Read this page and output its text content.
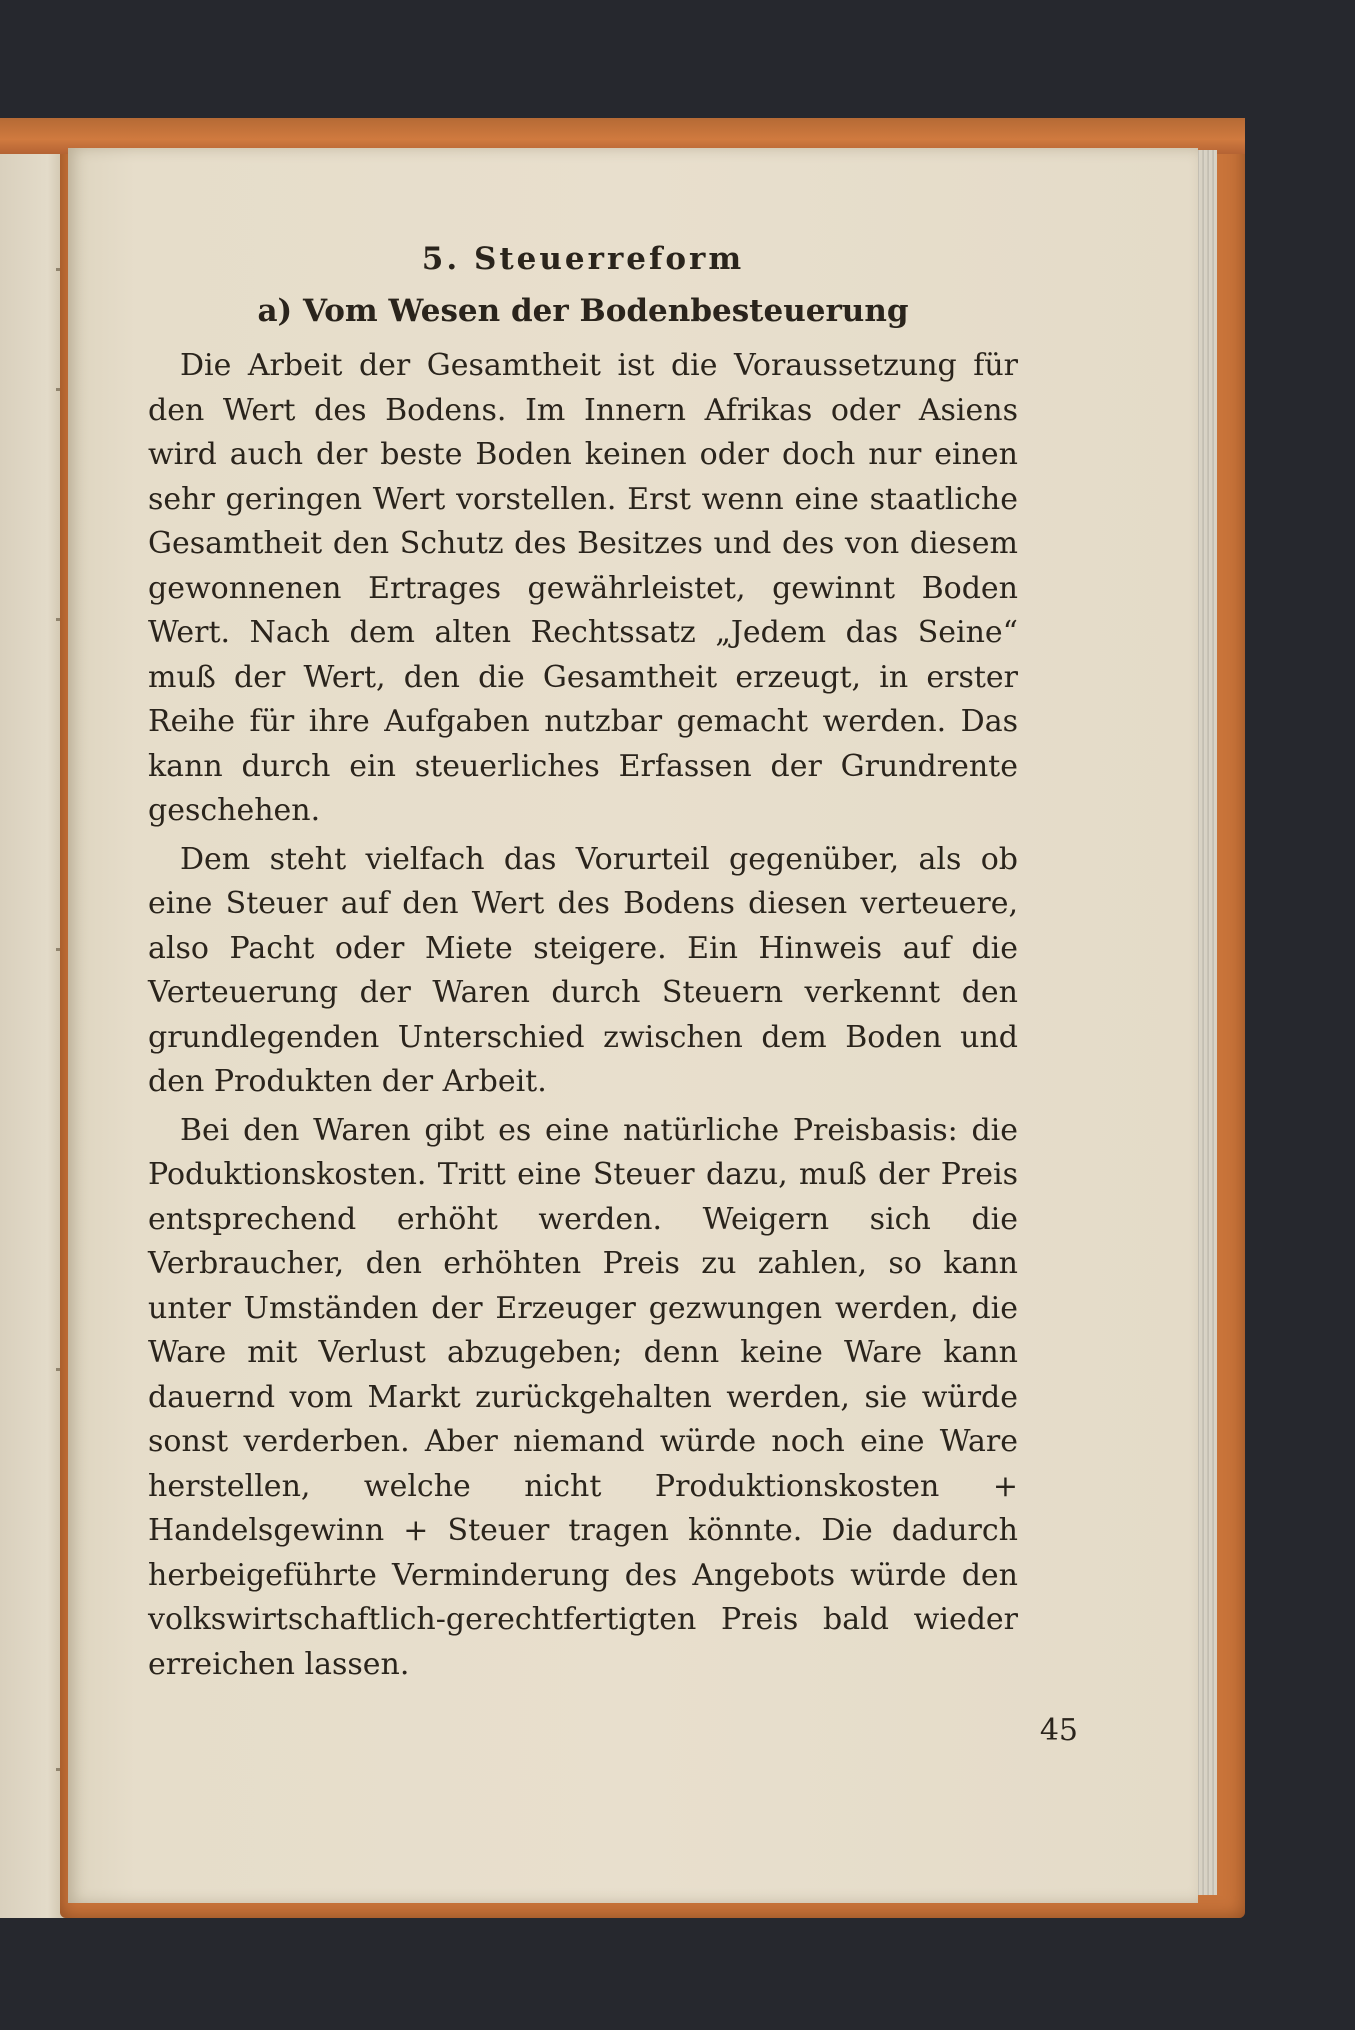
5. Steuerreform
a) Vom Wesen der Bodenbesteuerung

Die Arbeit der Gesamtheit ist die Voraussetzung für den Wert des Bodens. Im Innern Afrikas oder Asiens wird auch der beste Boden keinen oder doch nur einen sehr geringen Wert vorstellen. Erst wenn eine staatliche Gesamtheit den Schutz des Besitzes und des von diesem gewonnenen Ertrages gewährleistet, gewinnt Boden Wert. Nach dem alten Rechtssatz „Jedem das Seine“ muß der Wert, den die Gesamtheit erzeugt, in erster Reihe für ihre Aufgaben nutzbar gemacht werden. Das kann durch ein steuerliches Erfassen der Grundrente geschehen.

Dem steht vielfach das Vorurteil gegenüber, als ob eine Steuer auf den Wert des Bodens diesen verteuere, also Pacht oder Miete steigere. Ein Hinweis auf die Verteuerung der Waren durch Steuern verkennt den grundlegenden Unterschied zwischen dem Boden und den Produkten der Arbeit.

Bei den Waren gibt es eine natürliche Preisbasis: die Poduktionskosten. Tritt eine Steuer dazu, muß der Preis entsprechend erhöht werden. Weigern sich die Verbraucher, den erhöhten Preis zu zahlen, so kann unter Umständen der Erzeuger gezwungen werden, die Ware mit Verlust abzugeben; denn keine Ware kann dauernd vom Markt zurückgehalten werden, sie würde sonst verderben. Aber niemand würde noch eine Ware herstellen, welche nicht Produktionskosten + Handelsgewinn + Steuer tragen könnte. Die dadurch herbeigeführte Verminderung des Angebots würde den volkswirtschaftlich-gerechtfertigten Preis bald wieder erreichen lassen.

45
